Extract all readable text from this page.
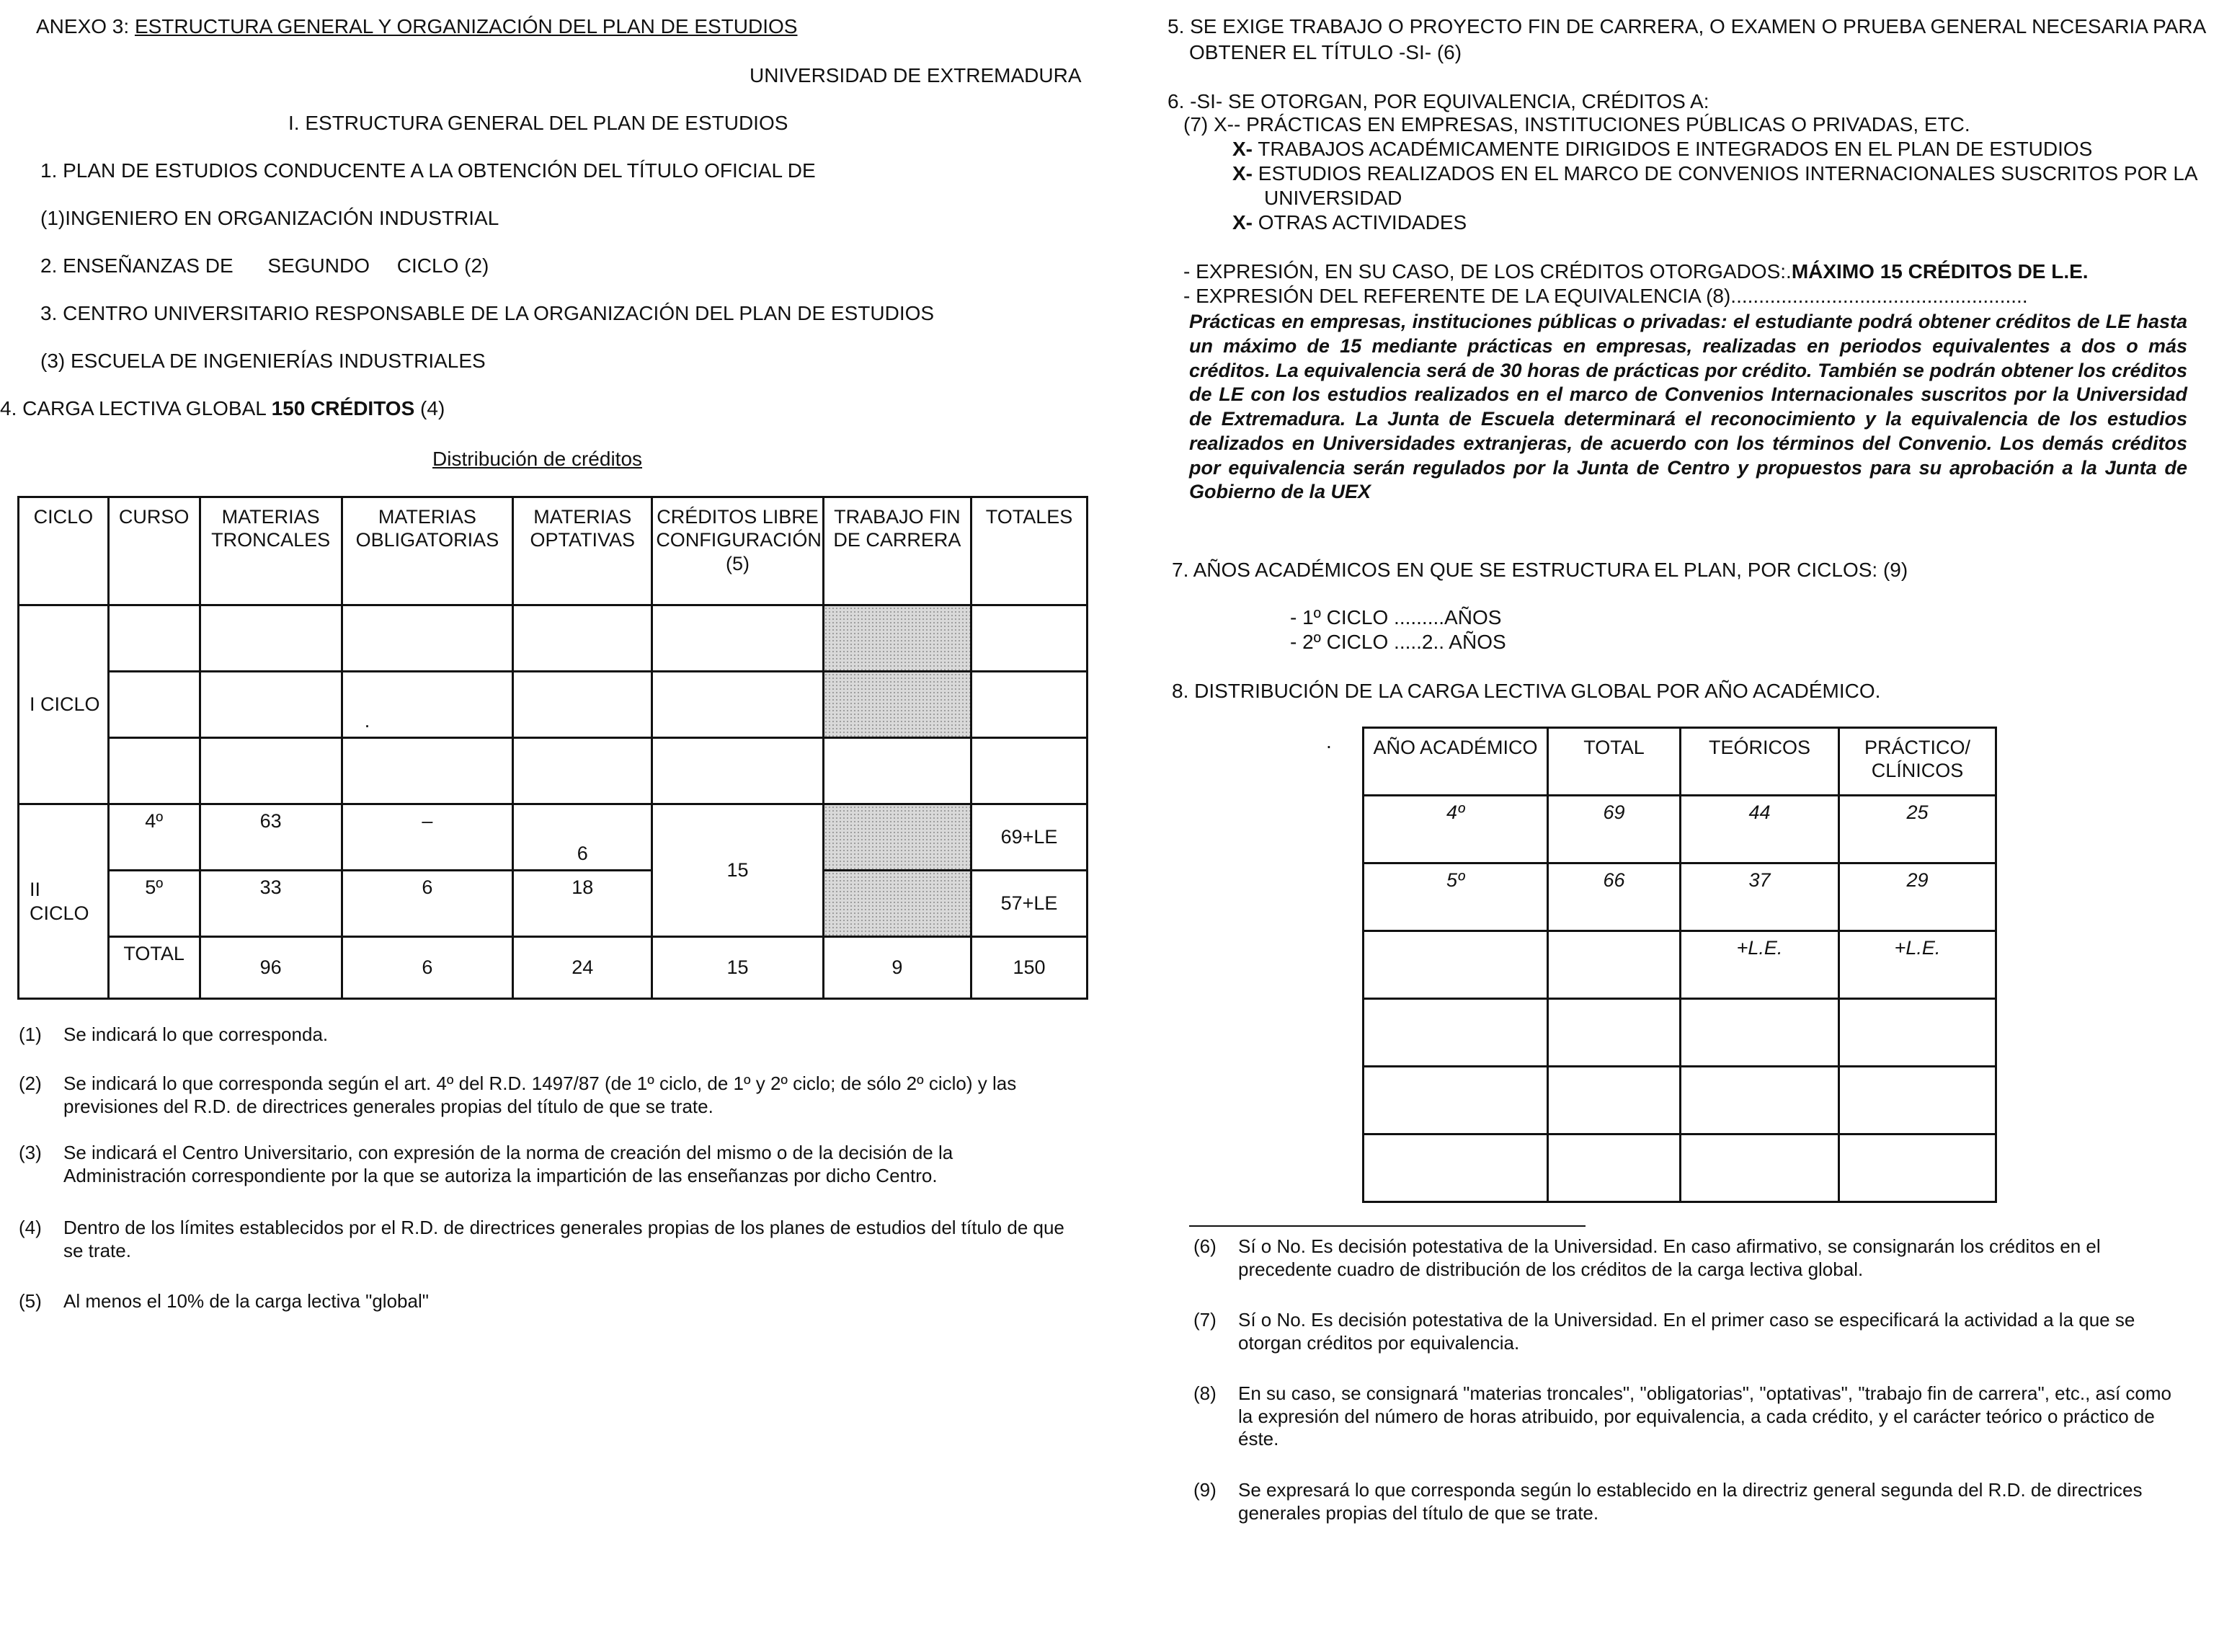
ANEXO 3: ESTRUCTURA GENERAL Y ORGANIZACIÓN DEL PLAN DE ESTUDIOS
UNIVERSIDAD DE EXTREMADURA
I. ESTRUCTURA GENERAL DEL PLAN DE ESTUDIOS
1. PLAN DE ESTUDIOS CONDUCENTE A LA OBTENCIÓN DEL TÍTULO OFICIAL DE
(1)INGENIERO EN ORGANIZACIÓN INDUSTRIAL
2. ENSEÑANZAS DE SEGUNDO CICLO (2)
3. CENTRO UNIVERSITARIO RESPONSABLE DE LA ORGANIZACIÓN DEL PLAN DE ESTUDIOS
(3) ESCUELA DE INGENIERÍAS INDUSTRIALES
4. CARGA LECTIVA GLOBAL 150 CRÉDITOS (4)
Distribución de créditos
CICLO	CURSO	MATERIAS TRONCALES	MATERIAS OBLIGATORIAS	MATERIAS OPTATIVAS	CRÉDITOS LIBRE CONFIGURACIÓN (5)	TRABAJO FIN DE CARRERA	TOTALES
I CICLO							
			.				

II CICLO	4º	63	–	6	15		69+LE
	5º	33	6	18			57+LE
	TOTAL	96	6	24	15	9	150
(1) Se indicará lo que corresponda.
(2) Se indicará lo que corresponda según el art. 4º del R.D. 1497/87 (de 1º ciclo, de 1º y 2º ciclo; de sólo 2º ciclo) y las previsiones del R.D. de directrices generales propias del título de que se trate.
(3) Se indicará el Centro Universitario, con expresión de la norma de creación del mismo o de la decisión de la Administración correspondiente por la que se autoriza la impartición de las enseñanzas por dicho Centro.
(4) Dentro de los límites establecidos por el R.D. de directrices generales propias de los planes de estudios del título de que se trate.
(5) Al menos el 10% de la carga lectiva "global"
5. SE EXIGE TRABAJO O PROYECTO FIN DE CARRERA, O EXAMEN O PRUEBA GENERAL NECESARIA PARA
OBTENER EL TÍTULO -SI- (6)
6. -SI- SE OTORGAN, POR EQUIVALENCIA, CRÉDITOS A:
(7) X-- PRÁCTICAS EN EMPRESAS, INSTITUCIONES PÚBLICAS O PRIVADAS, ETC.
X- TRABAJOS ACADÉMICAMENTE DIRIGIDOS E INTEGRADOS EN EL PLAN DE ESTUDIOS
X- ESTUDIOS REALIZADOS EN EL MARCO DE CONVENIOS INTERNACIONALES SUSCRITOS POR LA
UNIVERSIDAD
X- OTRAS ACTIVIDADES
- EXPRESIÓN, EN SU CASO, DE LOS CRÉDITOS OTORGADOS:.MÁXIMO 15 CRÉDITOS DE L.E.
- EXPRESIÓN DEL REFERENTE DE LA EQUIVALENCIA (8).....................................................
Prácticas en empresas, instituciones públicas o privadas: el estudiante podrá obtener créditos de LE hasta un máximo de 15 mediante prácticas en empresas, realizadas en periodos equivalentes a dos o más créditos. La equivalencia será de 30 horas de prácticas por crédito. También se podrán obtener los créditos de LE con los estudios realizados en el marco de Convenios Internacionales suscritos por la Universidad de Extremadura. La Junta de Escuela determinará el reconocimiento y la equivalencia de los estudios realizados en Universidades extranjeras, de acuerdo con los términos del Convenio. Los demás créditos por equivalencia serán regulados por la Junta de Centro y propuestos para su aprobación a la Junta de Gobierno de la UEX
7. AÑOS ACADÉMICOS EN QUE SE ESTRUCTURA EL PLAN, POR CICLOS: (9)
- 1º CICLO .........AÑOS
- 2º CICLO .....2.. AÑOS
8. DISTRIBUCIÓN DE LA CARGA LECTIVA GLOBAL POR AÑO ACADÉMICO.
. AÑO ACADÉMICO	TOTAL	TEÓRICOS	PRÁCTICO/ CLÍNICOS
4º	69	44	25
5º	66	37	29
		+L.E.	+L.E.

(6) Sí o No. Es decisión potestativa de la Universidad. En caso afirmativo, se consignarán los créditos en el precedente cuadro de distribución de los créditos de la carga lectiva global.
(7) Sí o No. Es decisión potestativa de la Universidad. En el primer caso se especificará la actividad a la que se otorgan créditos por equivalencia.
(8) En su caso, se consignará "materias troncales", "obligatorias", "optativas", "trabajo fin de carrera", etc., así como la expresión del número de horas atribuido, por equivalencia, a cada crédito, y el carácter teórico o práctico de éste.
(9) Se expresará lo que corresponda según lo establecido en la directriz general segunda del R.D. de directrices generales propias del título de que se trate.
